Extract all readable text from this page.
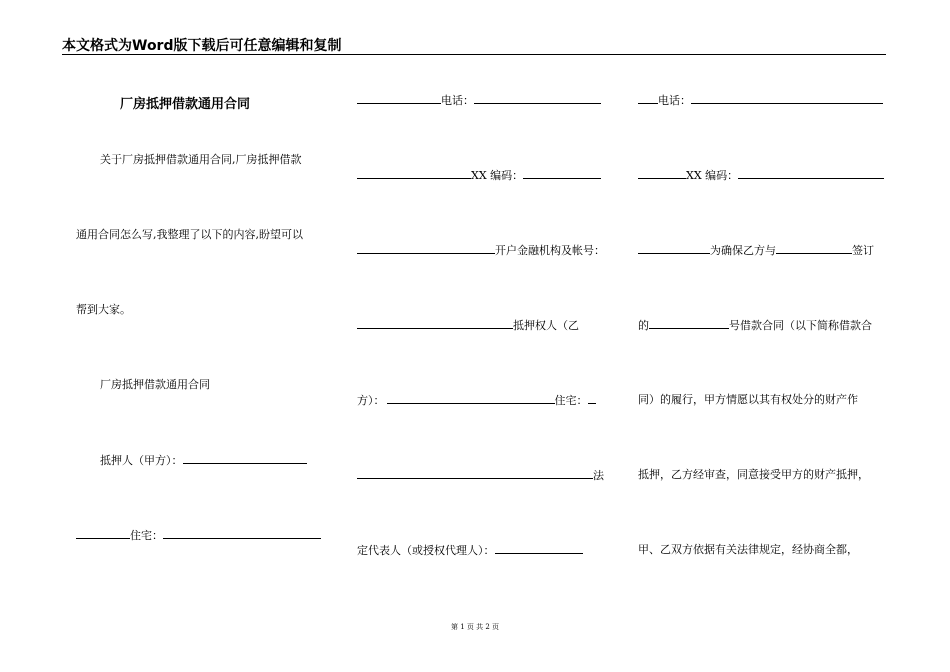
本文格式为Word版下载后可任意编辑和复制
厂房抵押借款通用合同
关于厂房抵押借款通用合同,厂房抵押借款
通用合同怎么写,我整理了以下的内容,盼望可以
帮到大家。
厂房抵押借款通用合同
抵押人（甲方）：
住宅：
电话：
XX 编码：
开户金融机构及帐号：
抵押权人（乙
方）：	住宅：
法
定代表人（或授权代理人）：
电话：
XX 编码：
为确保乙方与	签订
的	号借款合同（以下简称借款合
同）的履行，甲方情愿以其有权处分的财产作
抵押，乙方经审查，同意接受甲方的财产抵押，
甲、乙双方依据有关法律规定，经协商全都，
第 1 页 共 2 页
